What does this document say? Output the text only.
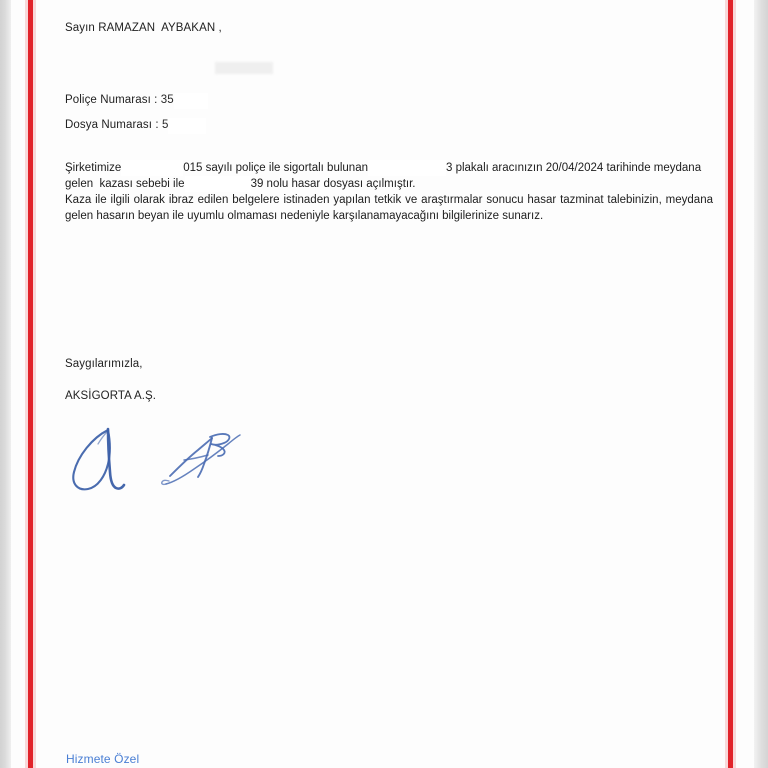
Sayın RAMAZAN  AYBAKAN ,
Poliçe Numarası : 35
Dosya Numarası : 5
Şirketimize	015 sayılı poliçe ile sigortalı bulunan	3 plakalı aracınızın 20/04/2024 tarihinde meydana
gelen  kazası sebebi ile	39 nolu hasar dosyası açılmıştır.
Kaza ile ilgili olarak ibraz edilen belgelere istinaden yapılan tetkik ve araştırmalar sonucu hasar tazminat talebinizin, meydana gelen hasarın beyan ile uyumlu olmaması nedeniyle karşılanamayacağını bilgilerinize sunarız.
Saygılarımızla,
AKSİGORTA A.Ş.
Hizmete Özel
